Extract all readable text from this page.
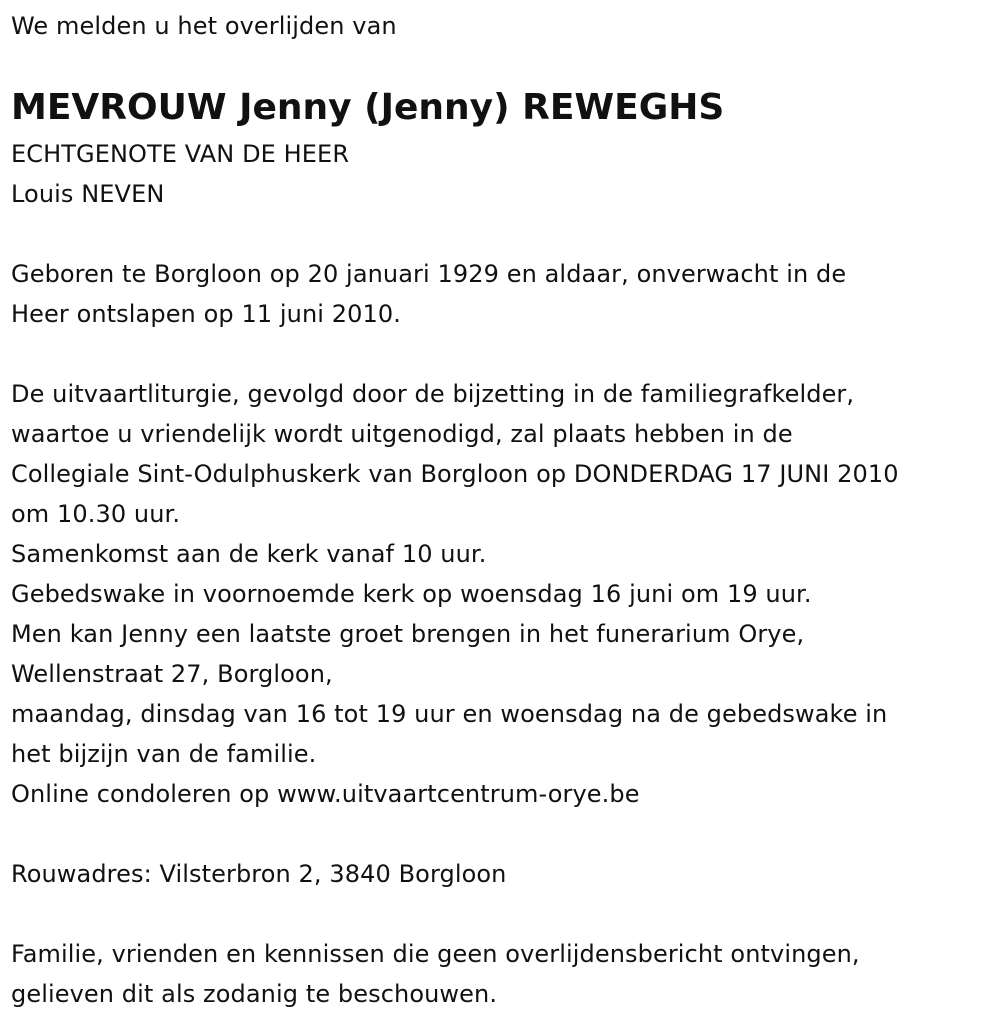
We melden u het overlijden van
MEVROUW Jenny (Jenny) REWEGHS
ECHTGENOTE VAN DE HEER
Louis NEVEN
Geboren te Borgloon op 20 januari 1929 en aldaar, onverwacht in de
Heer ontslapen op 11 juni 2010.
De uitvaartliturgie, gevolgd door de bijzetting in de familiegrafkelder,
waartoe u vriendelijk wordt uitgenodigd, zal plaats hebben in de
Collegiale Sint-Odulphuskerk van Borgloon op DONDERDAG 17 JUNI 2010
om 10.30 uur.
Samenkomst aan de kerk vanaf 10 uur.
Gebedswake in voornoemde kerk op woensdag 16 juni om 19 uur.
Men kan Jenny een laatste groet brengen in het funerarium Orye,
Wellenstraat 27, Borgloon,
maandag, dinsdag van 16 tot 19 uur en woensdag na de gebedswake in
het bijzijn van de familie.
Online condoleren op www.uitvaartcentrum-orye.be
Rouwadres: Vilsterbron 2, 3840 Borgloon
Familie, vrienden en kennissen die geen overlijdensbericht ontvingen,
gelieven dit als zodanig te beschouwen.
